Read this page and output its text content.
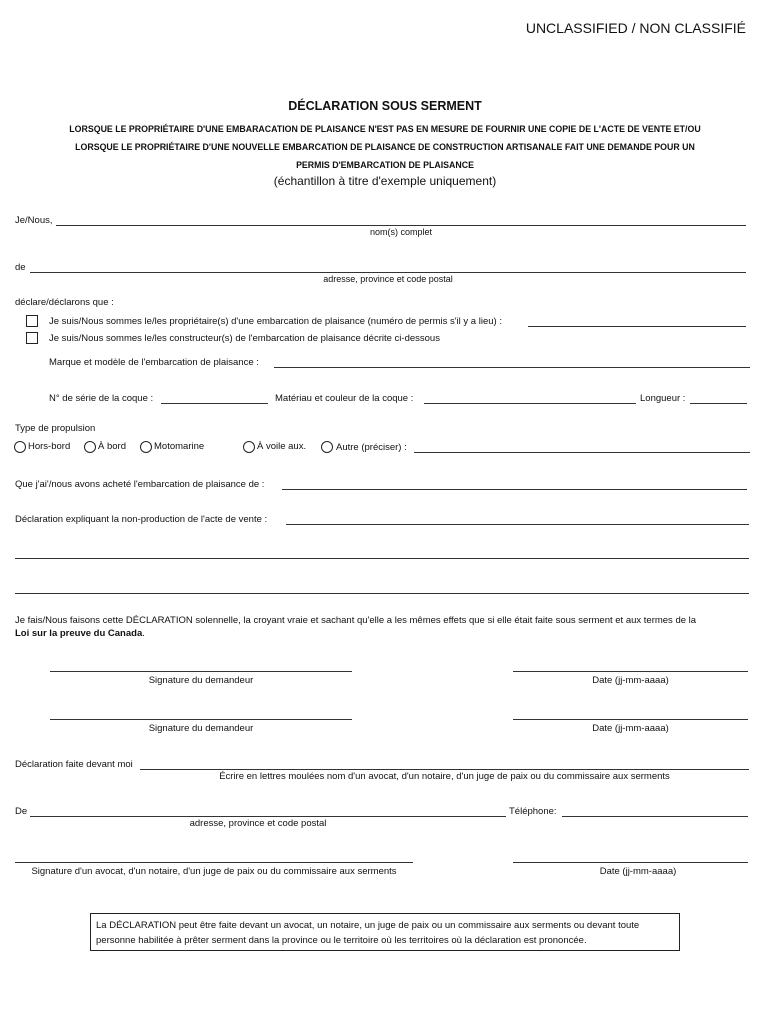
UNCLASSIFIED / NON CLASSIFIÉ
DÉCLARATION SOUS SERMENT
LORSQUE LE PROPRIÉTAIRE D'UNE EMBARACATION DE PLAISANCE N'EST PAS EN MESURE DE FOURNIR UNE COPIE DE L'ACTE DE VENTE ET/OU
LORSQUE LE PROPRIÉTAIRE D'UNE NOUVELLE EMBARCATION DE PLAISANCE DE CONSTRUCTION ARTISANALE FAIT UNE DEMANDE POUR UN
PERMIS D'EMBARCATION DE PLAISANCE
(échantillon à titre d'exemple uniquement)
Je/Nous,
nom(s) complet
de
adresse, province et code postal
déclare/déclarons que :
Je suis/Nous sommes le/les propriétaire(s) d'une embarcation de plaisance (numéro de permis s'il y a lieu) :
Je suis/Nous sommes le/les constructeur(s) de l'embarcation de plaisance décrite ci-dessous
Marque et modèle de l'embarcation de plaisance :
N° de série de la coque :	Matériau et couleur de la coque :	Longueur :
Type de propulsion
Hors-bord	À bord	Motomarine	À voile aux.	Autre (préciser) :
Que j'ai'/nous avons acheté l'embarcation de plaisance de :
Déclaration expliquant la non-production de l'acte de vente :
Je fais/Nous faisons cette DÉCLARATION solennelle, la croyant vraie et sachant qu'elle a les mêmes effets que si elle était faite sous serment et aux termes de la
Loi sur la preuve du Canada.
Signature du demandeur	Date (jj-mm-aaaa)
Signature du demandeur	Date (jj-mm-aaaa)
Déclaration faite devant moi
Écrire en lettres moulées nom d'un avocat, d'un notaire, d'un juge de paix ou du commissaire aux serments
De	Téléphone:
adresse, province et code postal
Signature d'un avocat, d'un notaire, d'un juge de paix ou du commissaire aux serments	Date (jj-mm-aaaa)
La DÉCLARATION peut être faite devant un avocat, un notaire, un juge de paix ou un commissaire aux serments ou devant toute personne habilitée à prêter serment dans la province ou le territoire où les territoires où la déclaration est prononcée.
